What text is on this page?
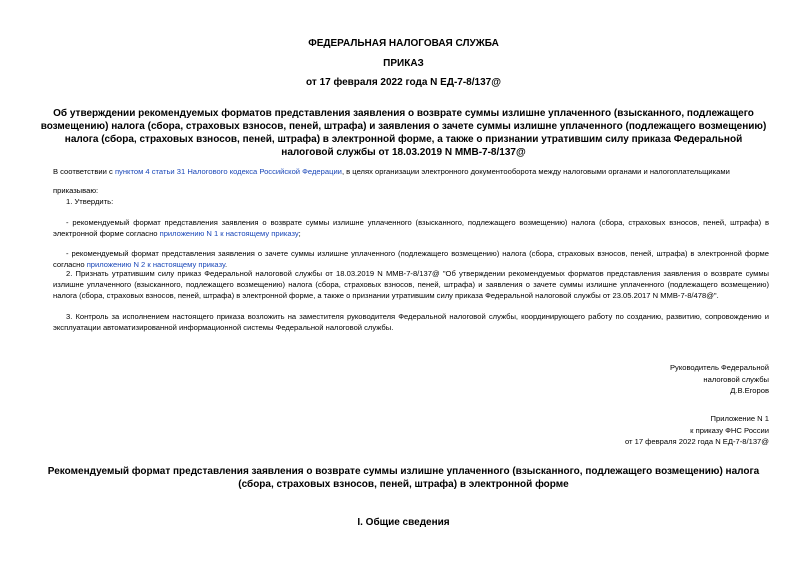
ФЕДЕРАЛЬНАЯ НАЛОГОВАЯ СЛУЖБА
ПРИКАЗ
от 17 февраля 2022 года N ЕД-7-8/137@
Об утверждении рекомендуемых форматов представления заявления о возврате суммы излишне уплаченного (взысканного, подлежащего возмещению) налога (сбора, страховых взносов, пеней, штрафа) и заявления о зачете суммы излишне уплаченного (подлежащего возмещению) налога (сбора, страховых взносов, пеней, штрафа) в электронной форме, а также о признании утратившим силу приказа Федеральной налоговой службы от 18.03.2019 N ММВ-7-8/137@
В соответствии с пунктом 4 статьи 31 Налогового кодекса Российской Федерации, в целях организации электронного документооборота между налоговыми органами и налогоплательщиками
приказываю:
1. Утвердить:
- рекомендуемый формат представления заявления о возврате суммы излишне уплаченного (взысканного, подлежащего возмещению) налога (сбора, страховых взносов, пеней, штрафа) в электронной форме согласно приложению N 1 к настоящему приказу;
- рекомендуемый формат представления заявления о зачете суммы излишне уплаченного (подлежащего возмещению) налога (сбора, страховых взносов, пеней, штрафа) в электронной форме согласно приложению N 2 к настоящему приказу.
2. Признать утратившим силу приказ Федеральной налоговой службы от 18.03.2019 N ММВ-7-8/137@ "Об утверждении рекомендуемых форматов представления заявления о возврате суммы излишне уплаченного (взысканного, подлежащего возмещению) налога (сбора, страховых взносов, пеней, штрафа) и заявления о зачете суммы излишне уплаченного (подлежащего возмещению) налога (сбора, страховых взносов, пеней, штрафа) в электронной форме, а также о признании утратившим силу приказа Федеральной налоговой службы от 23.05.2017 N ММВ-7-8/478@".
3. Контроль за исполнением настоящего приказа возложить на заместителя руководителя Федеральной налоговой службы, координирующего работу по созданию, развитию, сопровождению и эксплуатации автоматизированной информационной системы Федеральной налоговой службы.
Руководитель Федеральной
налоговой службы
Д.В.Егоров
Приложение N 1
к приказу ФНС России
от 17 февраля 2022 года N ЕД-7-8/137@
Рекомендуемый формат представления заявления о возврате суммы излишне уплаченного (взысканного, подлежащего возмещению) налога (сбора, страховых взносов, пеней, штрафа) в электронной форме
I. Общие сведения
